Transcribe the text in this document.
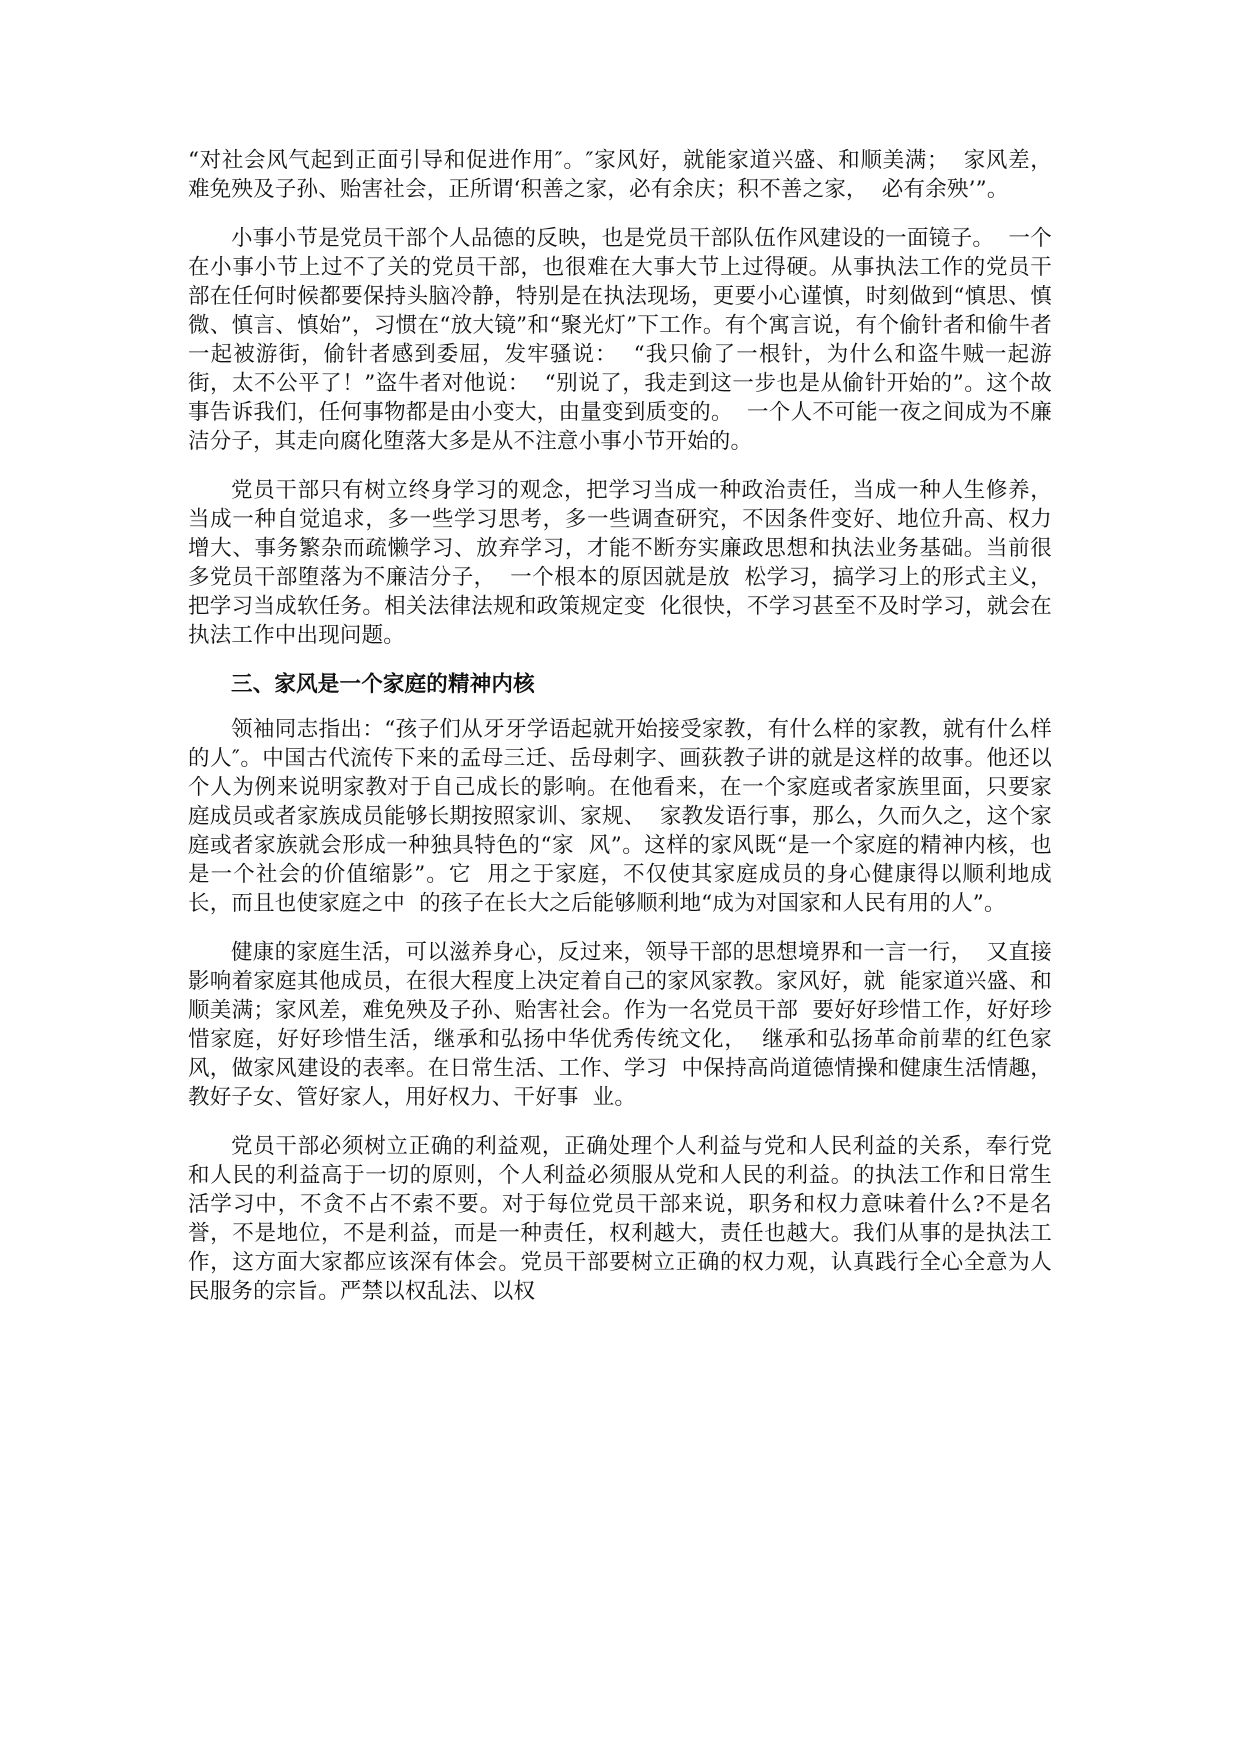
“对社会风气起到正面引导和促进作用″。″家风好，就能家道兴盛、和顺美满；  家风差，难免殃及子孙、贻害社会，正所谓‘积善之家，必有余庆；积不善之家，  必有余殃’”。

小事小节是党员干部个人品德的反映，也是党员干部队伍作风建设的一面镜子。  一个在小事小节上过不了关的党员干部，也很难在大事大节上过得硬。从事执法工作的党员干部在任何时候都要保持头脑冷静，特别是在执法现场，更要小心谨慎，时刻做到“慎思、慎微、慎言、慎始”，习惯在“放大镜”和“聚光灯”下工作。有个寓言说，有个偷针者和偷牛者一起被游街，偷针者感到委屈，发牢骚说：  “我只偷了一根针，为什么和盗牛贼一起游街，太不公平了！”盗牛者对他说：  “别说了，我走到这一步也是从偷针开始的”。这个故事告诉我们，任何事物都是由小变大，由量变到质变的。  一个人不可能一夜之间成为不廉洁分子，其走向腐化堕落大多是从不注意小事小节开始的。

党员干部只有树立终身学习的观念，把学习当成一种政治责任，当成一种人生修养，当成一种自觉追求，多一些学习思考，多一些调查研究，不因条件变好、地位升高、权力增大、事务繁杂而疏懒学习、放弃学习，才能不断夯实廉政思想和执法业务基础。当前很多党员干部堕落为不廉洁分子，  一个根本的原因就是放  松学习，搞学习上的形式主义，把学习当成软任务。相关法律法规和政策规定变  化很快，不学习甚至不及时学习，就会在执法工作中出现问题。

三、家风是一个家庭的精神内核

领袖同志指出：“孩子们从牙牙学语起就开始接受家教，有什么样的家教，就有什么样的人″。中国古代流传下来的孟母三迁、岳母刺字、画荻教子讲的就是这样的故事。他还以个人为例来说明家教对于自己成长的影响。在他看来，在一个家庭或者家族里面，只要家庭成员或者家族成员能够长期按照家训、家规、  家教发语行事，那么，久而久之，这个家庭或者家族就会形成一种独具特色的“家  风”。这样的家风既“是一个家庭的精神内核，也是一个社会的价值缩影”。它  用之于家庭，不仅使其家庭成员的身心健康得以顺利地成长，而且也使家庭之中  的孩子在长大之后能够顺利地“成为对国家和人民有用的人”。

健康的家庭生活，可以滋养身心，反过来，领导干部的思想境界和一言一行，  又直接影响着家庭其他成员，在很大程度上决定着自己的家风家教。家风好，就  能家道兴盛、和顺美满；家风差，难免殃及子孙、贻害社会。作为一名党员干部  要好好珍惜工作，好好珍惜家庭，好好珍惜生活，继承和弘扬中华优秀传统文化，  继承和弘扬革命前辈的红色家风，做家风建设的表率。在日常生活、工作、学习  中保持高尚道德情操和健康生活情趣，教好子女、管好家人，用好权力、干好事  业。

党员干部必须树立正确的利益观，正确处理个人利益与党和人民利益的关系，奉行党和人民的利益高于一切的原则，个人利益必须服从党和人民的利益。的执法工作和日常生活学习中，不贪不占不索不要。对于每位党员干部来说，职务和权力意味着什么?不是名誉，不是地位，不是利益，而是一种责任，权利越大，责任也越大。我们从事的是执法工作，这方面大家都应该深有体会。党员干部要树立正确的权力观，认真践行全心全意为人民服务的宗旨。严禁以权乱法、以权
